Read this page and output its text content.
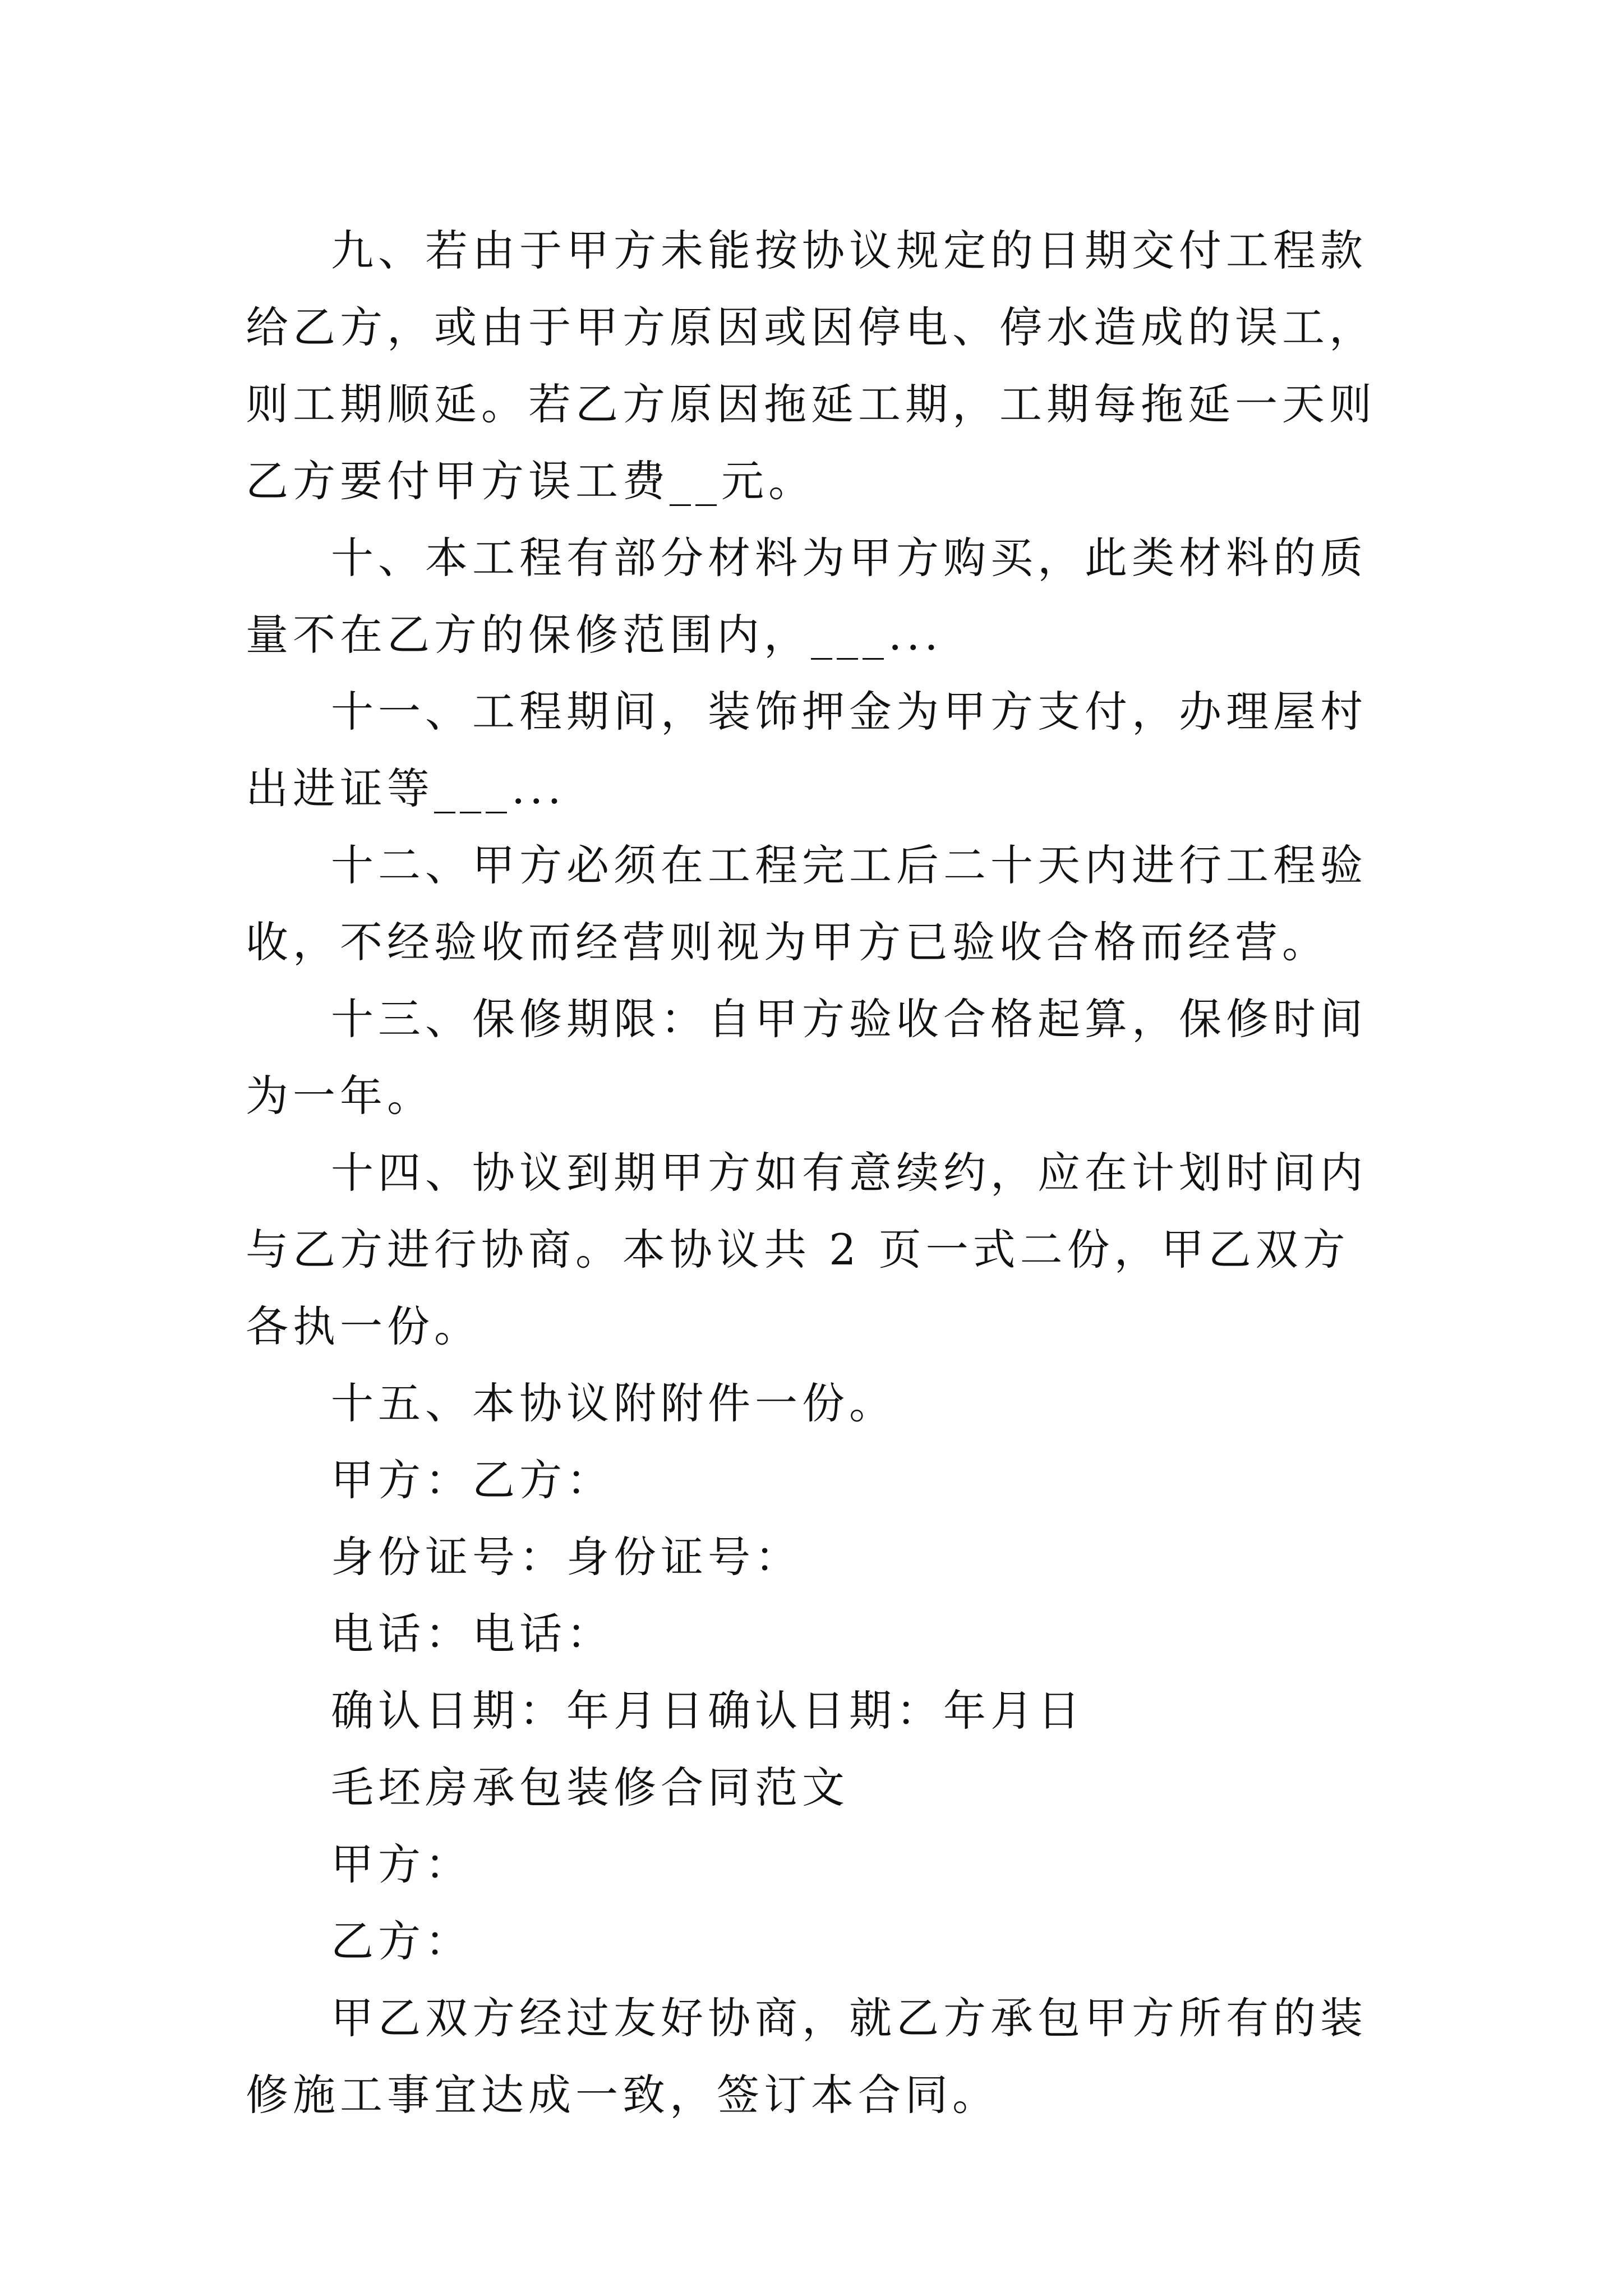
九、若由于甲方未能按协议规定的日期交付工程款给乙方，或由于甲方原因或因停电、停水造成的误工，则工期顺延。若乙方原因拖延工期，工期每拖延一天则乙方要付甲方误工费__元。

十、本工程有部分材料为甲方购买，此类材料的质量不在乙方的保修范围内，___...

十一、工程期间，装饰押金为甲方支付，办理屋村出进证等___...

十二、甲方必须在工程完工后二十天内进行工程验收，不经验收而经营则视为甲方已验收合格而经营。

十三、保修期限：自甲方验收合格起算，保修时间为一年。

十四、协议到期甲方如有意续约，应在计划时间内与乙方进行协商。本协议共 2 页一式二份，甲乙双方各执一份。

十五、本协议附附件一份。

甲方：乙方：

身份证号：身份证号：

电话：电话：

确认日期：年月日确认日期：年月日

毛坯房承包装修合同范文

甲方：

乙方：

甲乙双方经过友好协商，就乙方承包甲方所有的装修施工事宜达成一致，签订本合同。
